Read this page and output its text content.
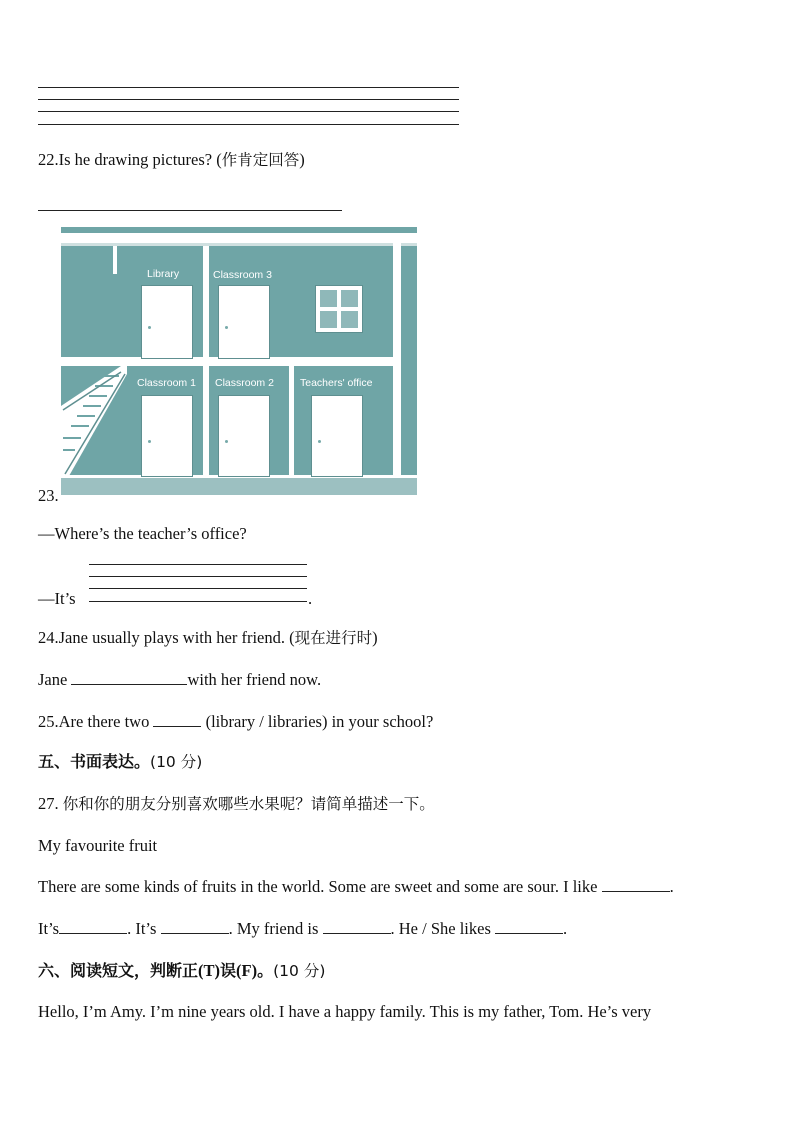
22.Is he drawing pictures? (作肯定回答)
Library	Classroom 3
Classroom 1 Classroom 2 Teachers' office
23.
—Where’s the teacher’s office?
—It’s	.
24.Jane usually plays with her friend. (现在进行时)
Jane	with her friend now.
25.Are there two	(library / libraries) in your school?
五、书面表达。(10 分)
27. 你和你的朋友分别喜欢哪些水果呢？请简单描述一下。
My favourite fruit
There are some kinds of fruits in the world. Some are sweet and some are sour. I like	.
It’s	. It’s	. My friend is	. He / She likes	.
六、阅读短文，判断正(T)误(F)。(10 分)
Hello, I’m Amy. I’m nine years old. I have a happy family. This is my father, Tom. He’s very
